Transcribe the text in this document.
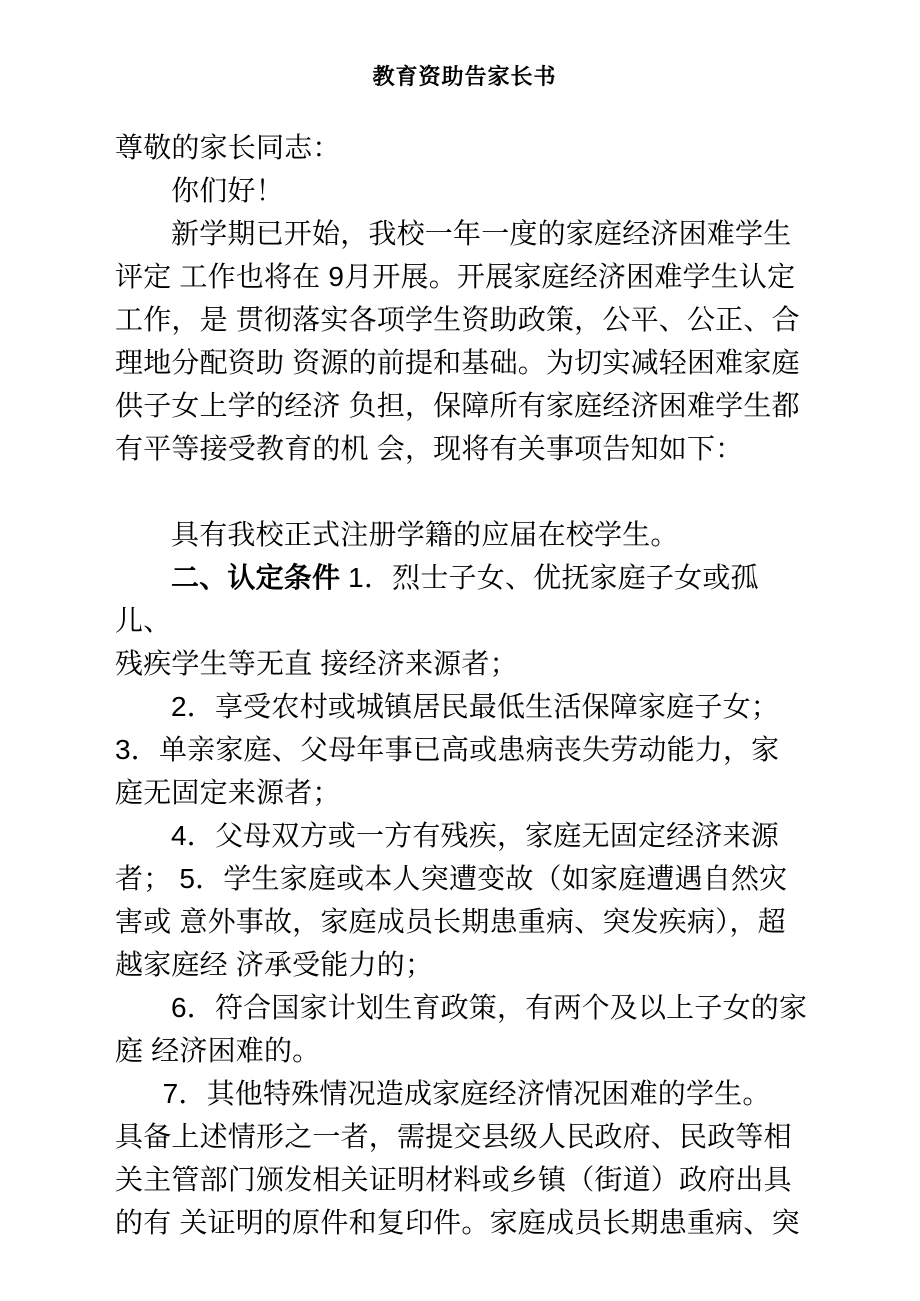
教育资助告家长书
尊敬的家长同志：
你们好！
新学期已开始，我校一年一度的家庭经济困难学生
评定 工作也将在 9月开展。开展家庭经济困难学生认定
工作，是 贯彻落实各项学生资助政策，公平、公正、合
理地分配资助 资源的前提和基础。为切实减轻困难家庭
供子女上学的经济 负担，保障所有家庭经济困难学生都
有平等接受教育的机 会，现将有关事项告知如下：
具有我校正式注册学籍的应届在校学生。
二、认定条件 1．烈士子女、优抚家庭子女或孤儿、
残疾学生等无直 接经济来源者；
2．享受农村或城镇居民最低生活保障家庭子女；
3．单亲家庭、父母年事已高或患病丧失劳动能力，家
庭无固定来源者；
4．父母双方或一方有残疾，家庭无固定经济来源
者； 5．学生家庭或本人突遭变故（如家庭遭遇自然灾
害或 意外事故，家庭成员长期患重病、突发疾病），超
越家庭经 济承受能力的；
6．符合国家计划生育政策，有两个及以上子女的家
庭 经济困难的。
7．其他特殊情况造成家庭经济情况困难的学生。
具备上述情形之一者，需提交县级人民政府、民政等相
关主管部门颁发相关证明材料或乡镇（街道）政府出具
的有 关证明的原件和复印件。家庭成员长期患重病、突
